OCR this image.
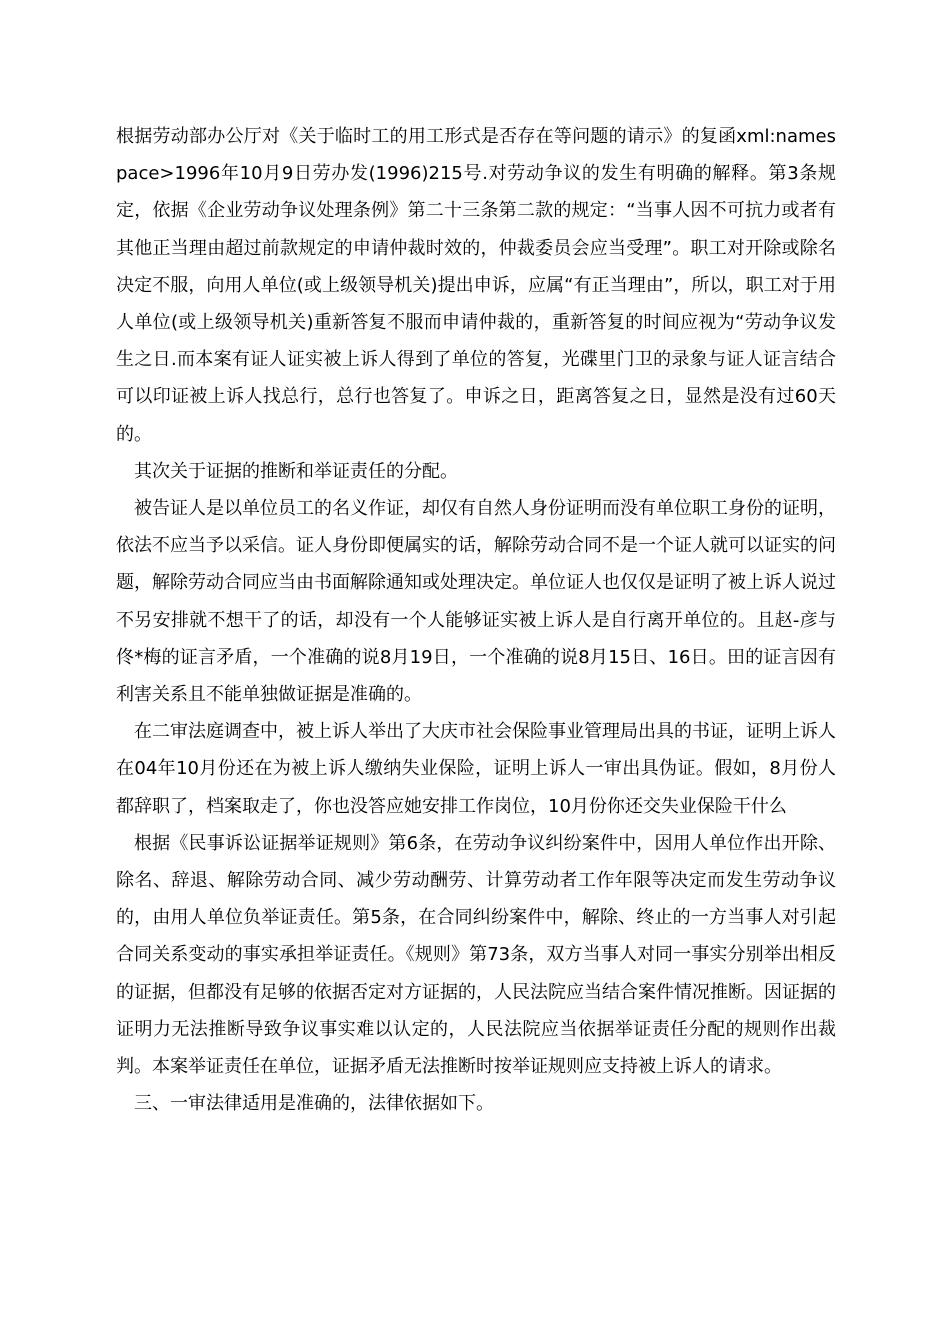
根据劳动部办公厅对《关于临时工的用工形式是否存在等问题的请示》的复函xml:namespace>1996年10月9日劳办发(1996)215号.对劳动争议的发生有明确的解释。第3条规定，依据《企业劳动争议处理条例》第二十三条第二款的规定：“当事人因不可抗力或者有其他正当理由超过前款规定的申请仲裁时效的，仲裁委员会应当受理”。职工对开除或除名决定不服，向用人单位(或上级领导机关)提出申诉，应属“有正当理由”，所以，职工对于用人单位(或上级领导机关)重新答复不服而申请仲裁的，重新答复的时间应视为“劳动争议发生之日.而本案有证人证实被上诉人得到了单位的答复，光碟里门卫的录象与证人证言结合可以印证被上诉人找总行，总行也答复了。申诉之日，距离答复之日，显然是没有过60天的。

其次关于证据的推断和举证责任的分配。

被告证人是以单位员工的名义作证，却仅有自然人身份证明而没有单位职工身份的证明，依法不应当予以采信。证人身份即便属实的话，解除劳动合同不是一个证人就可以证实的问题，解除劳动合同应当由书面解除通知或处理决定。单位证人也仅仅是证明了被上诉人说过不另安排就不想干了的话，却没有一个人能够证实被上诉人是自行离开单位的。且赵-彦与佟*梅的证言矛盾，一个准确的说8月19日，一个准确的说8月15日、16日。田的证言因有利害关系且不能单独做证据是准确的。

在二审法庭调查中，被上诉人举出了大庆市社会保险事业管理局出具的书证，证明上诉人在04年10月份还在为被上诉人缴纳失业保险，证明上诉人一审出具伪证。假如，8月份人都辞职了，档案取走了，你也没答应她安排工作岗位，10月份你还交失业保险干什么

根据《民事诉讼证据举证规则》第6条，在劳动争议纠纷案件中，因用人单位作出开除、除名、辞退、解除劳动合同、减少劳动酬劳、计算劳动者工作年限等决定而发生劳动争议的，由用人单位负举证责任。第5条，在合同纠纷案件中，解除、终止的一方当事人对引起合同关系变动的事实承担举证责任。《规则》第73条，双方当事人对同一事实分别举出相反的证据，但都没有足够的依据否定对方证据的，人民法院应当结合案件情况推断。因证据的证明力无法推断导致争议事实难以认定的，人民法院应当依据举证责任分配的规则作出裁判。本案举证责任在单位，证据矛盾无法推断时按举证规则应支持被上诉人的请求。

三、一审法律适用是准确的，法律依据如下。
